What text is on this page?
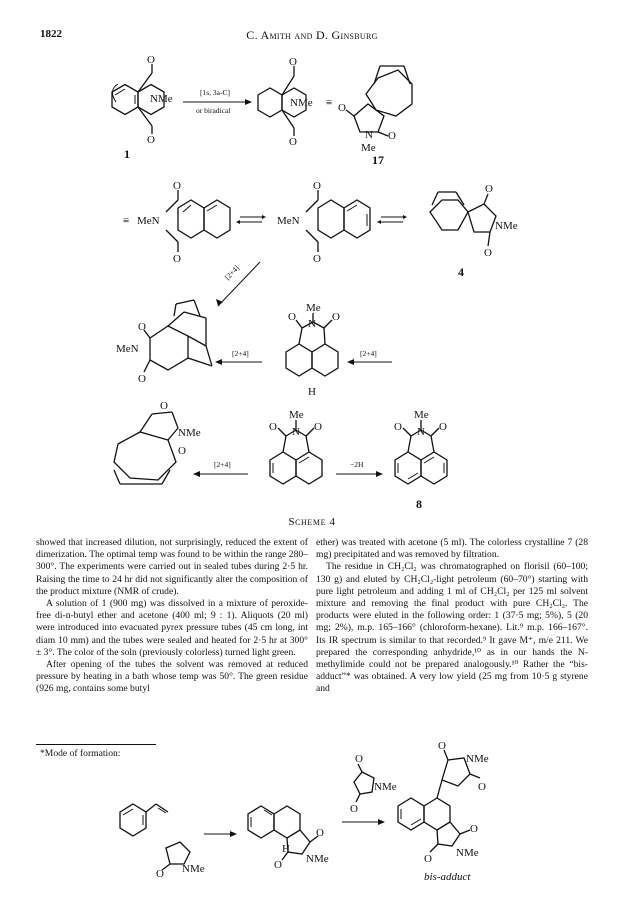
1822	C. Amith and D. Ginsburg
O
NMe
O
1
[1s, 3a-C]
or biradical
O
NMe
O
≡ O
N O
Me
17
≡ MeN
O
O
MeN
O
O
O
NMe
O
4
[2+4]
O
MeN
O
[2+4]
Me
N
O	O
H
[2+4]
O
NMe
O
[2+4]
Me
N
O	O
−2H
Me
N
O	O
8
O NMe
H
O
NMe
O
O
NMe
O
O
NMe
O
O
NMe
O
bis-adduct
Scheme 4

showed that increased dilution, not surprisingly, reduced the extent of dimerization. The optimal temp was found to be within the range 280–300°. The experiments were carried out in sealed tubes during 2·5 hr. Raising the time to 24 hr did not significantly alter the composition of the product mixture (NMR of crude).

A solution of 1 (900 mg) was dissolved in a mixture of peroxide-free di-n-butyl ether and acetone (400 ml; 9 : 1). Aliquots (20 ml) were introduced into evacuated pyrex pressure tubes (45 cm long, int diam 10 mm) and the tubes were sealed and heated for 2·5 hr at 300° ± 3°. The color of the soln (previously colorless) turned light green.

After opening of the tubes the solvent was removed at reduced pressure by heating in a bath whose temp was 50°. The green residue (926 mg, contains some butyl

ether) was treated with acetone (5 ml). The colorless crystalline 7 (28 mg) precipitated and was removed by filtration.

The residue in CH₂Cl₂ was chromatographed on florisil (60–100; 130 g) and eluted by CH₂Cl₂-light petroleum (60–70°) starting with pure light petroleum and adding 1 ml of CH₂Cl₂ per 125 ml solvent mixture and removing the final product with pure CH₂Cl₂. The products were eluted in the following order: 1 (37·5 mg; 5%), 5 (20 mg; 2%), m.p. 165–166° (chloroform-hexane). Lit.⁹ m.p. 166–167°. Its IR spectrum is similar to that recorded.⁹ It gave M⁺, m/e 211. We prepared the corresponding anhydride,¹⁰ as in our hands the N-methylimide could not be prepared analogously.¹⁰ Rather the “bis-adduct”* was obtained. A very low yield (25 mg from 10·5 g styrene and

*Mode of formation:
